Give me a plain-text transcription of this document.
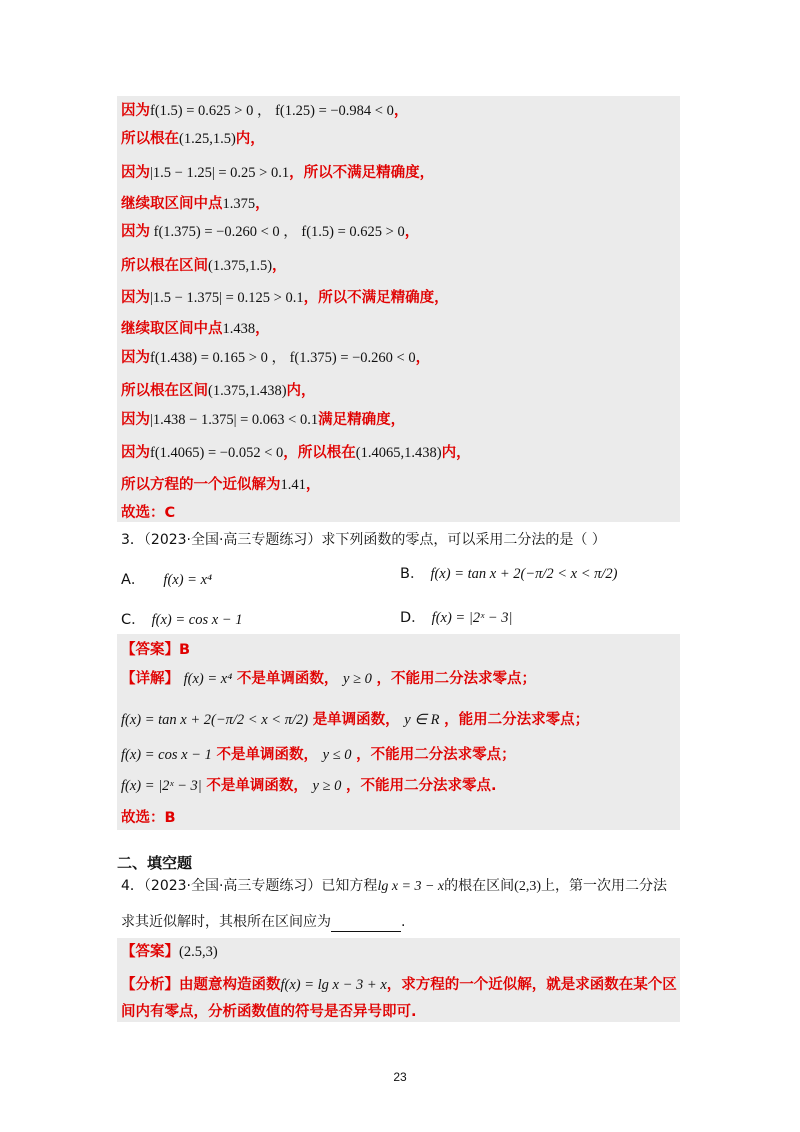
因为f(1.5) = 0.625 > 0 ， f(1.25) = −0.984 < 0，
所以根在(1.25,1.5)内，
因为|1.5 − 1.25| = 0.25 > 0.1，所以不满足精确度，
继续取区间中点1.375，
因为 f(1.375) = −0.260 < 0 ， f(1.5) = 0.625 > 0，
所以根在区间(1.375,1.5)，
因为|1.5 − 1.375| = 0.125 > 0.1，所以不满足精确度，
继续取区间中点1.438，
因为f(1.438) = 0.165 > 0 ， f(1.375) = −0.260 < 0，
所以根在区间(1.375,1.438)内，
因为|1.438 − 1.375| = 0.063 < 0.1满足精确度，
因为f(1.4065) = −0.052 < 0，所以根在(1.4065,1.438)内，
所以方程的一个近似解为1.41，
故选：C
3．（2023·全国·高三专题练习）求下列函数的零点，可以采用二分法的是（ ）
A． f(x) = x⁴	B． f(x) = tan x + 2(−π/2 < x < π/2)
C． f(x) = cos x − 1	D． f(x) = |2ˣ − 3|
【答案】B
【详解】 f(x) = x⁴ 不是单调函数， y ≥ 0 ，不能用二分法求零点；
f(x) = tan x + 2(−π/2 < x < π/2) 是单调函数， y ∈ R ，能用二分法求零点；
f(x) = cos x − 1 不是单调函数， y ≤ 0 ，不能用二分法求零点；
f(x) = |2ˣ − 3| 不是单调函数， y ≥ 0 ，不能用二分法求零点.
故选：B
二、填空题
4．（2023·全国·高三专题练习）已知方程lg x = 3 − x的根在区间(2,3)上，第一次用二分法
求其近似解时，其根所在区间应为	.
【答案】(2.5,3)
【分析】由题意构造函数f(x) = lg x − 3 + x，求方程的一个近似解，就是求函数在某个区
间内有零点，分析函数值的符号是否异号即可.
23
